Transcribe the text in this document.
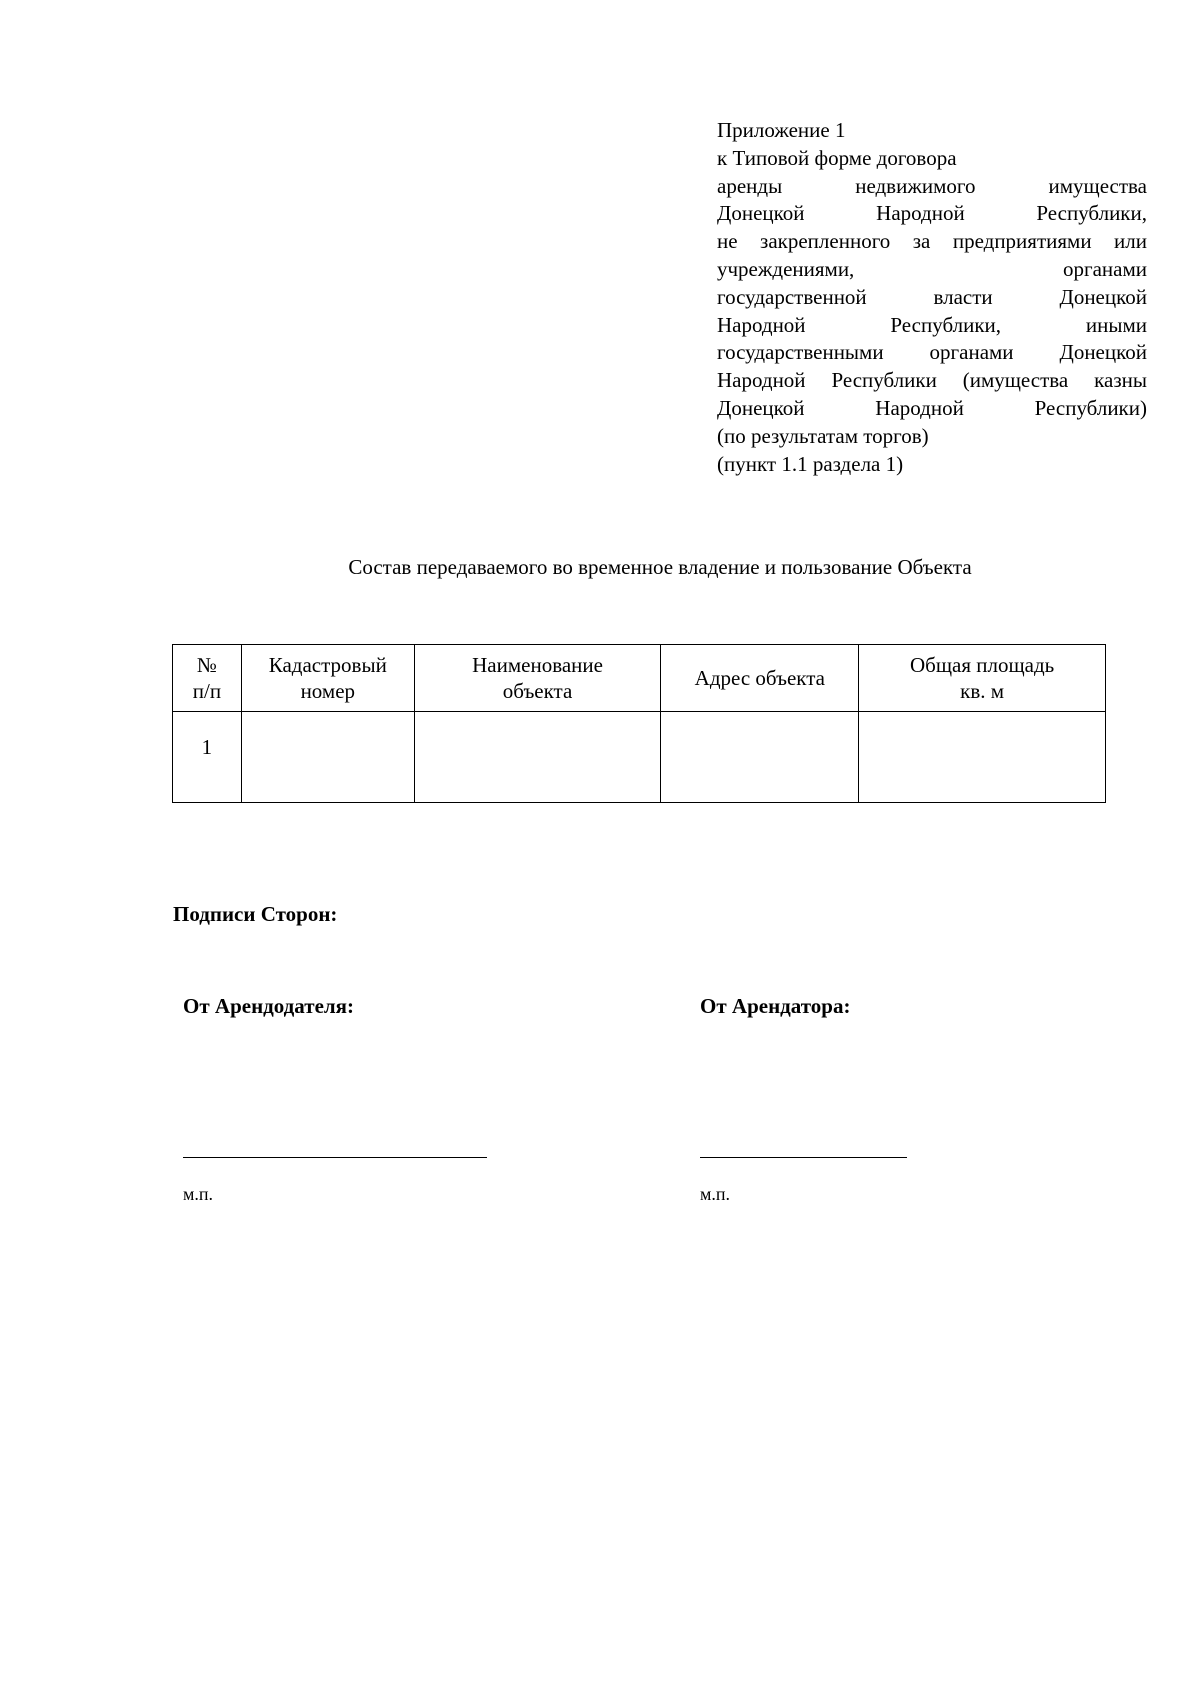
Приложение 1
к Типовой форме договора
аренды недвижимого имущества
Донецкой Народной Республики,
не закрепленного за предприятиями или
учреждениями, органами
государственной власти Донецкой
Народной Республики, иными
государственными органами Донецкой
Народной Республики (имущества казны
Донецкой Народной Республики)
(по результатам торгов)
(пункт 1.1 раздела 1)
Состав передаваемого во временное владение и пользование Объекта
№ п/п	Кадастровый номер	Наименование объекта	Адрес объекта	Общая площадь кв. м
1				
Подписи Сторон:
От Арендодателя:	От Арендатора:
м.п.	м.п.
